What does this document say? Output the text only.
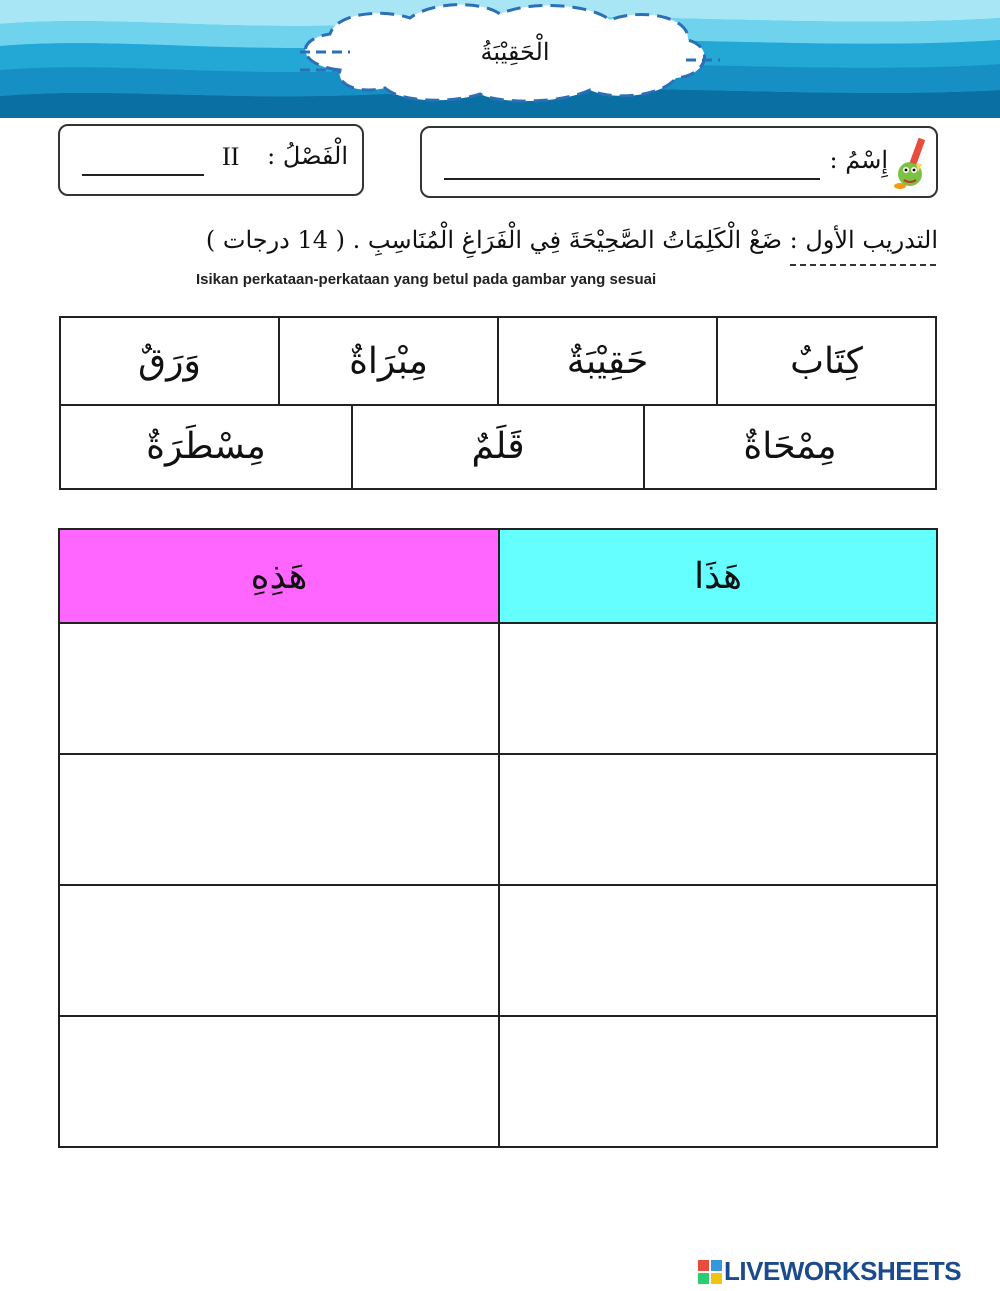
الْحَقِيْبَةُ
الْفَصْلُ :
II	إِسْمُ :
التدريب الأول : ضَعْ الْكَلِمَاتُ الصَّحِيْحَةَ فِي الْفَرَاغِ الْمُنَاسِبِ . ( 14 درجات )
Isikan perkataan-perkataan yang betul pada gambar yang sesuai
كِتَابٌ
حَقِيْبَةٌ
مِبْرَاةٌ
وَرَقٌ
مِمْحَاةٌ
قَلَمٌ
مِسْطَرَةٌ
هَذِهِ	هَذَا
LIVEWORKSHEETS
